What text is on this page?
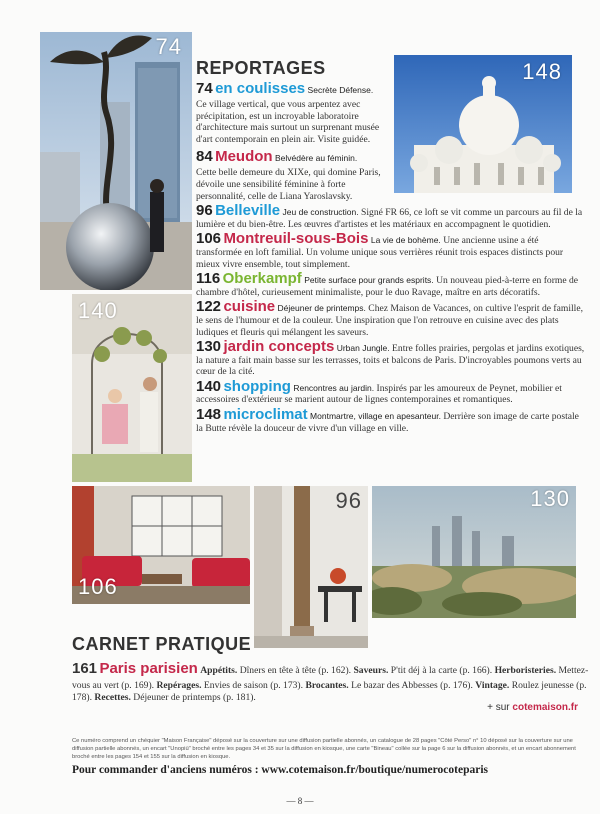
74
148
140
106
96	130
REPORTAGES

74 en coulisses Secrète Défense.
Ce village vertical, que vous arpentez avec précipitation, est un incroyable laboratoire d'architecture mais surtout un surprenant musée d'art contemporain en plein air. Visite guidée.

84 Meudon Belvédère au féminin.
Cette belle demeure du XIXe, qui domine Paris, dévoile une sensibilité féminine à forte personnalité, celle de Liana Yaroslavsky.

96 Belleville Jeu de construction. Signé FR 66, ce loft se vit comme un parcours au fil de la lumière et du bien-être. Les œuvres d'artistes et les matériaux en accompagnent le quotidien.

106 Montreuil-sous-Bois La vie de bohème. Une ancienne usine a été transformée en loft familial. Un volume unique sous verrières réunit trois espaces distincts pour mieux vivre ensemble, tout simplement.

116 Oberkampf Petite surface pour grands esprits. Un nouveau pied-à-terre en forme de chambre d'hôtel, curieusement minimaliste, pour le duo Ravage, maître en arts décoratifs.

122 cuisine Déjeuner de printemps. Chez Maison de Vacances, on cultive l'esprit de famille, le sens de l'humour et de la couleur. Une inspiration que l'on retrouve en cuisine avec des plats ludiques et fleuris qui mélangent les saveurs.

130 jardin concepts Urban Jungle. Entre folles prairies, pergolas et jardins exotiques, la nature a fait main basse sur les terrasses, toits et balcons de Paris. D'incroyables poumons verts au cœur de la cité.

140 shopping Rencontres au jardin. Inspirés par les amoureux de Peynet, mobilier et accessoires d'extérieur se marient autour de lignes contemporaines et romantiques.

148 microclimat Montmartre, village en apesanteur. Derrière son image de carte postale la Butte révèle la douceur de vivre d'un village en ville.

CARNET PRATIQUE
161 Paris parisien Appétits. Dîners en tête à tête (p. 162). Saveurs. P'tit déj à la carte (p. 166). Herboristeries. Mettez-vous au vert (p. 169). Repérages. Envies de saison (p. 173). Brocantes. Le bazar des Abbesses (p. 176). Vintage. Roulez jeunesse (p. 178). Recettes. Déjeuner de printemps (p. 181).
+ sur cotemaison.fr

Ce numéro comprend un chéquier "Maison Française" déposé sur la couverture sur une diffusion partielle abonnés, un catalogue de 28 pages "Côté Perso" n° 10 déposé sur la couverture sur une diffusion partielle abonnés, un encart "Unopiù" broché entre les pages 34 et 35 sur la diffusion en kiosque, une carte "Bineau" collée sur la page 6 sur la diffusion abonnés, et un encart abonnement broché entre les pages 154 et 155 sur la diffusion en kiosque.

Pour commander d'anciens numéros : www.cotemaison.fr/boutique/numerocoteparis
— 8 —
